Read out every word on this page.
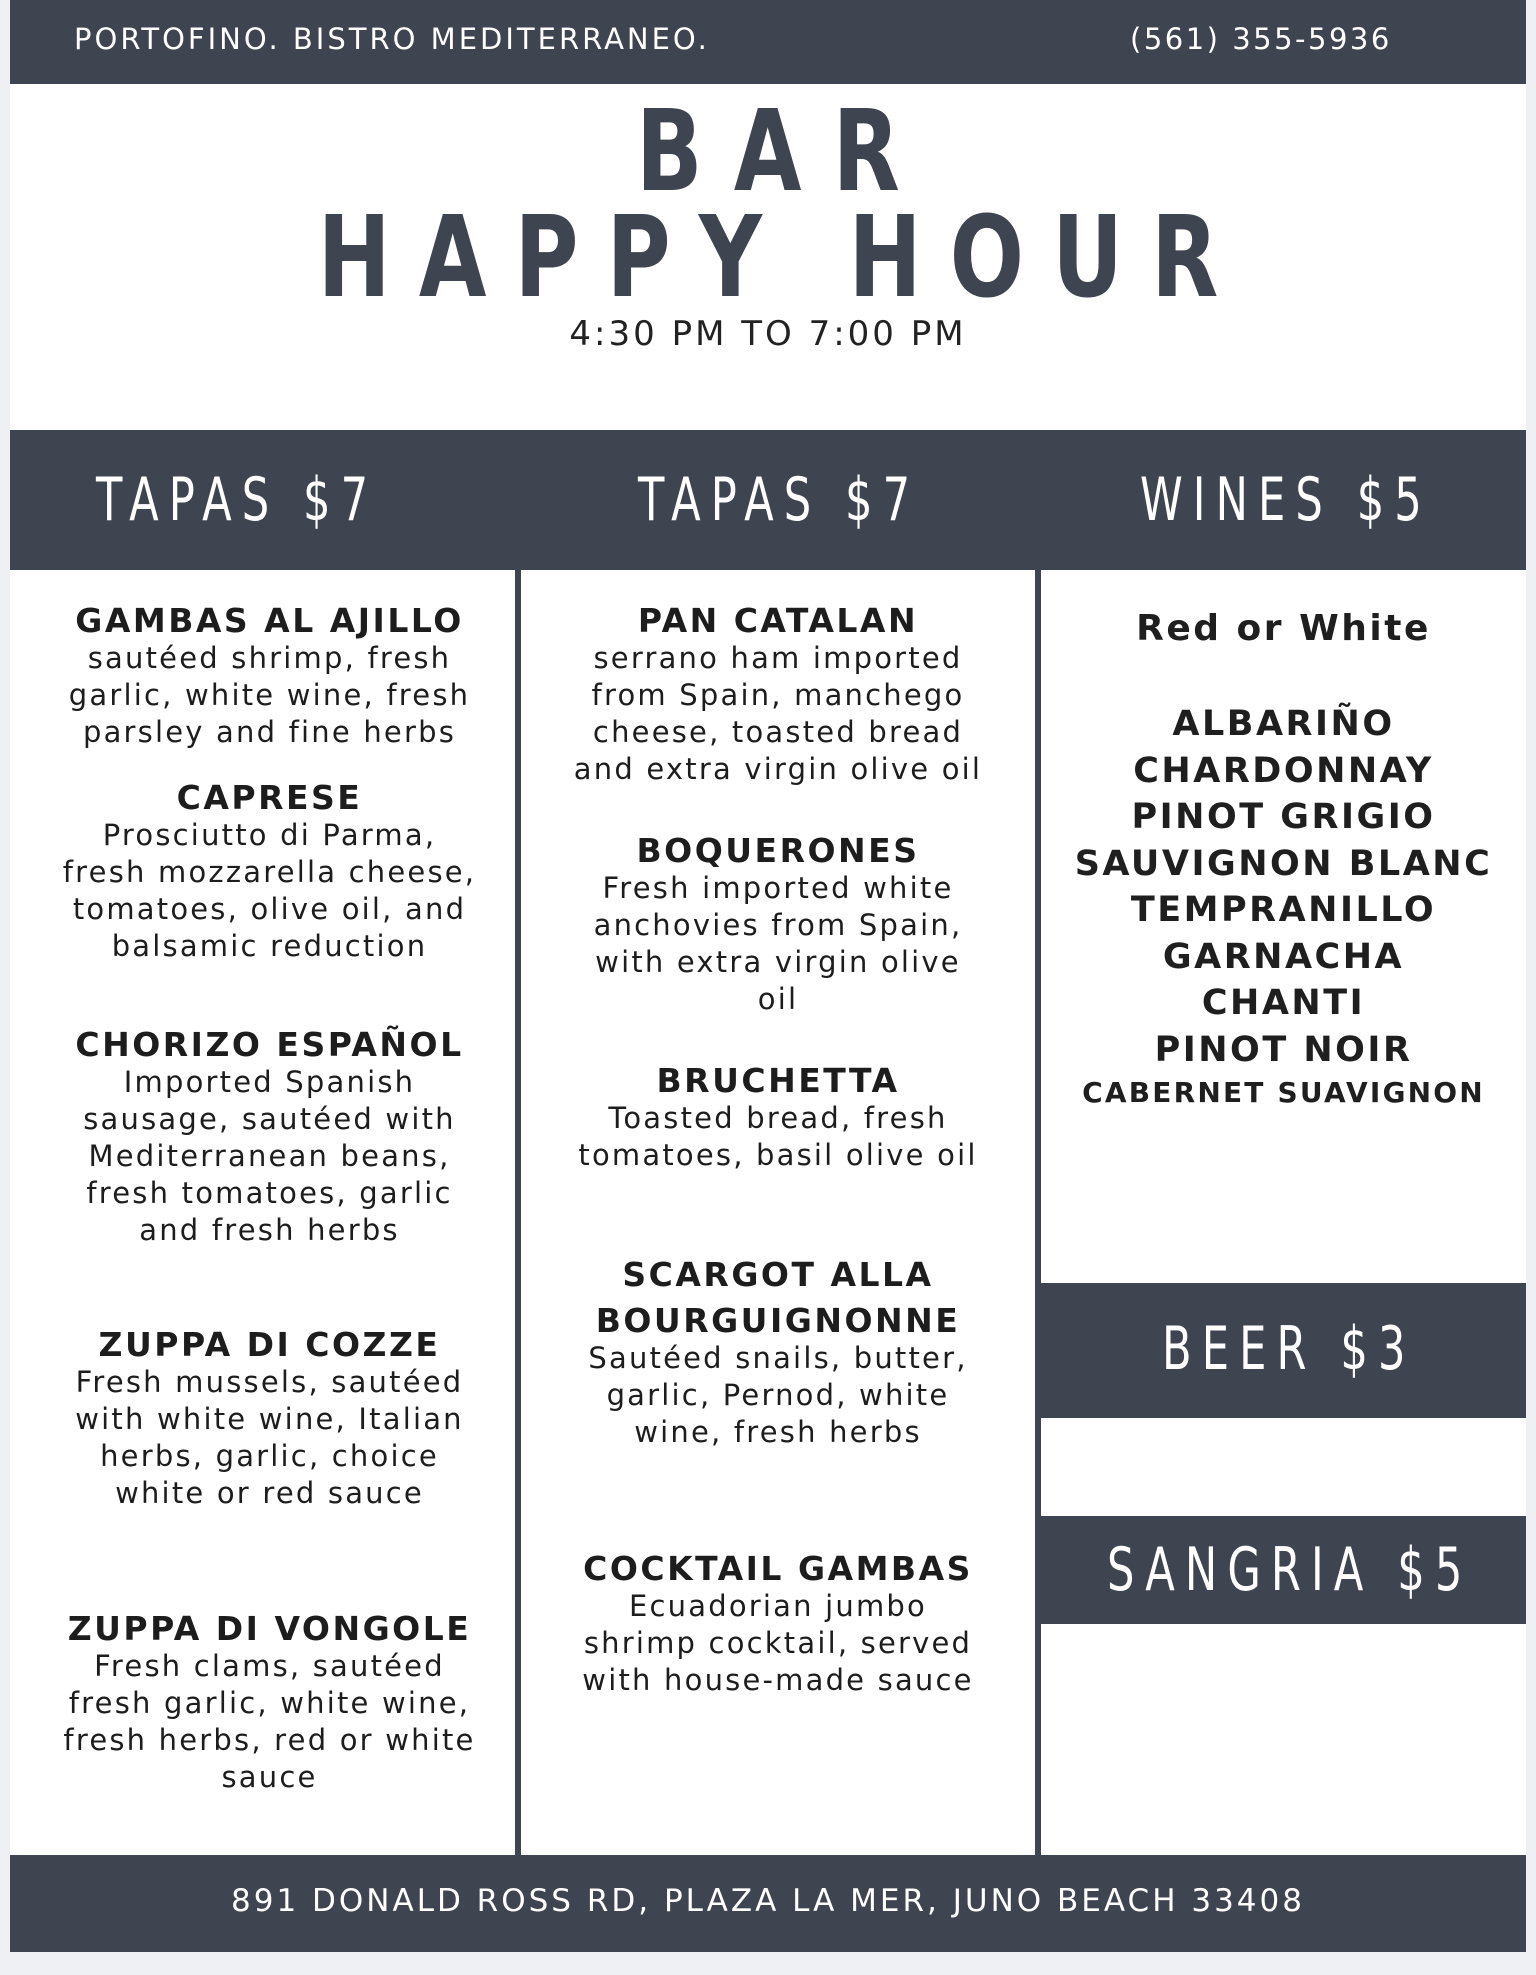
PORTOFINO. BISTRO MEDITERRANEO.	(561) 355-5936
BAR
HAPPY HOUR
4:30 PM TO 7:00 PM
TAPAS $7	TAPAS $7	WINES $5
GAMBAS AL AJILLO
sautéed shrimp, fresh
garlic, white wine, fresh
parsley and fine herbs
CAPRESE
Prosciutto di Parma,
fresh mozzarella cheese,
tomatoes, olive oil, and
balsamic reduction
CHORIZO ESPAÑOL
Imported Spanish
sausage, sautéed with
Mediterranean beans,
fresh tomatoes, garlic
and fresh herbs
ZUPPA DI COZZE
Fresh mussels, sautéed
with white wine, Italian
herbs, garlic, choice
white or red sauce
ZUPPA DI VONGOLE
Fresh clams, sautéed
fresh garlic, white wine,
fresh herbs, red or white
sauce
PAN CATALAN
serrano ham imported
from Spain, manchego
cheese, toasted bread
and extra virgin olive oil
BOQUERONES
Fresh imported white
anchovies from Spain,
with extra virgin olive
oil
BRUCHETTA
Toasted bread, fresh
tomatoes, basil olive oil
SCARGOT ALLA
BOURGUIGNONNE
Sautéed snails, butter,
garlic, Pernod, white
wine, fresh herbs
COCKTAIL GAMBAS
Ecuadorian jumbo
shrimp cocktail, served
with house-made sauce
Red or White
ALBARIÑO
CHARDONNAY
PINOT GRIGIO
SAUVIGNON BLANC
TEMPRANILLO
GARNACHA
CHANTI
PINOT NOIR
CABERNET SUAVIGNON
BEER $3
SANGRIA $5
891 DONALD ROSS RD, PLAZA LA MER, JUNO BEACH 33408
